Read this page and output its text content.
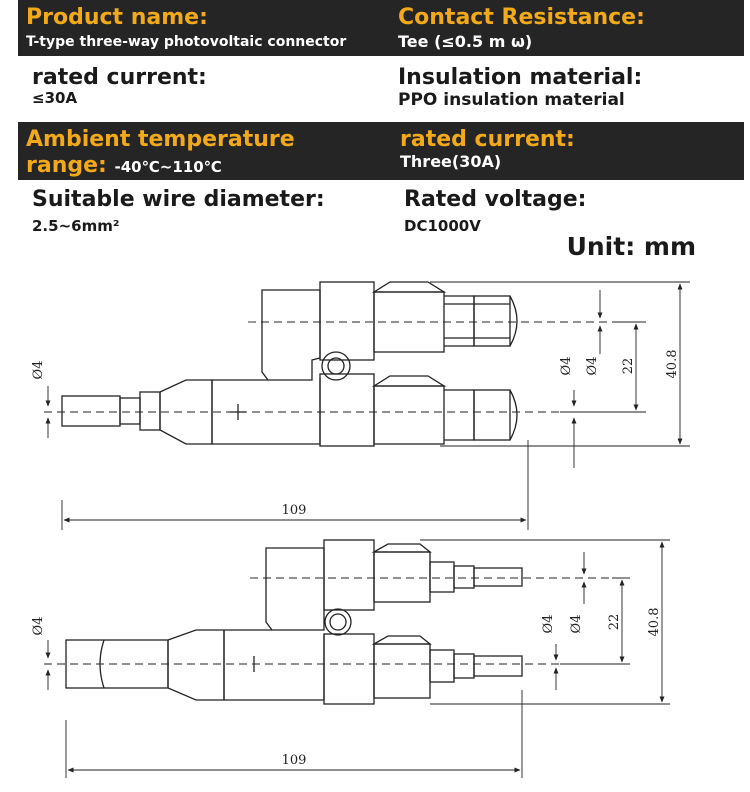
Product name:
T-type three-way photovoltaic connector
Contact Resistance:
Tee (≤0.5 m ω)
rated current:
≤30A
Insulation material:
PPO insulation material
Ambient temperature
range: -40℃~110℃
rated current:
Three(30A)
Suitable wire diameter:
2.5~6mm²
Rated voltage:
DC1000V
Unit: mm
109
40.8
22
Ø4 Ø4
Ø4
109
40.8
22
Ø4 Ø4
Ø4
